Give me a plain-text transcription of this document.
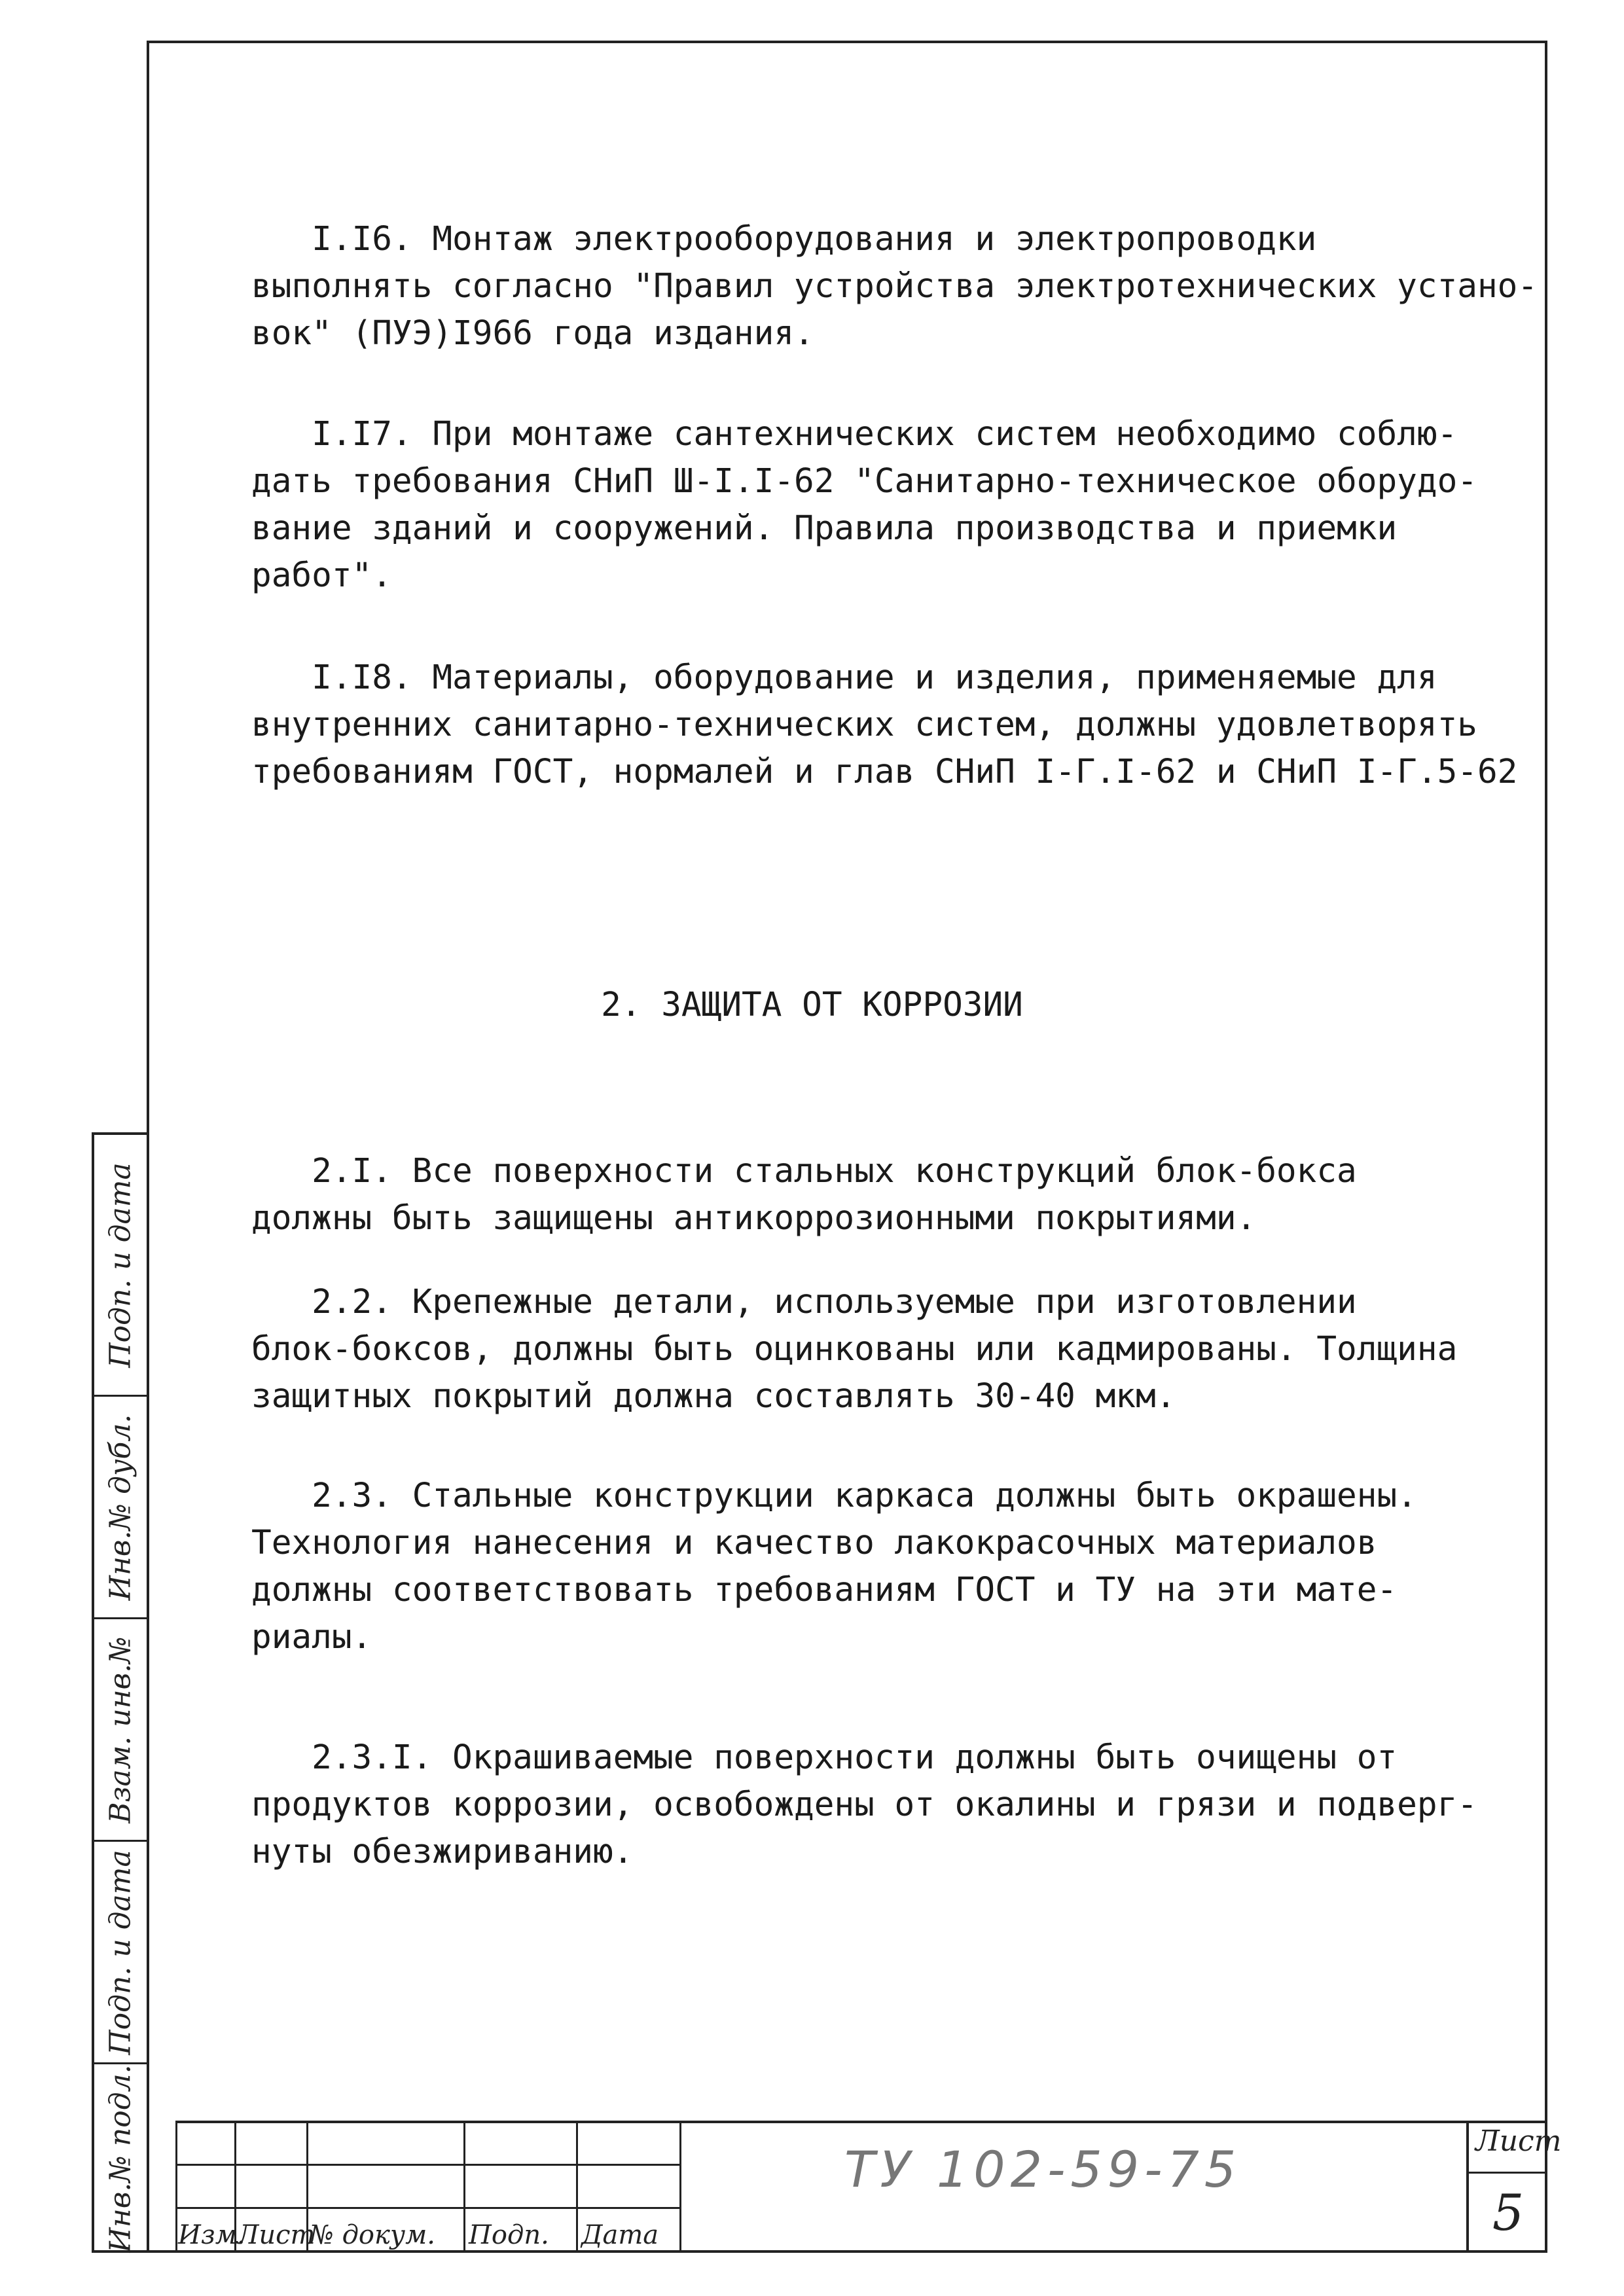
I.I6. Монтаж электрооборудования и электропроводки
выполнять согласно "Правил устройства электротехнических устано-
вок" (ПУЭ)I966 года издания.

I.I7. При монтаже сантехнических систем необходимо соблю-
дать требования СНиП Ш-I.I-62 "Санитарно-техническое оборудо-
вание зданий и сооружений. Правила производства и приемки
работ".

I.I8. Материалы, оборудование и изделия, применяемые для
внутренних санитарно-технических систем, должны удовлетворять
требованиям ГОСТ, нормалей и глав СНиП I-Г.I-62 и СНиП I-Г.5-62

2. ЗАЩИТА ОТ КОРРОЗИИ

2.I. Все поверхности стальных конструкций блок-бокса
должны быть защищены антикоррозионными покрытиями.

2.2. Крепежные детали, используемые при изготовлении
блок-боксов, должны быть оцинкованы или кадмированы. Толщина
защитных покрытий должна составлять 30-40 мкм.

2.3. Стальные конструкции каркаса должны быть окрашены.
Технология нанесения и качество лакокрасочных материалов
должны соответствовать требованиям ГОСТ и ТУ на эти мате-
риалы.

2.3.I. Окрашиваемые поверхности должны быть очищены от
продуктов коррозии, освобождены от окалины и грязи и подверг-
нуты обезжириванию.

Подп. и дата
Инв.№ дубл.
Взам. инв.№
Подп. и дата
Инв.№ подл. Изм.
Лист
№ докум. Подп. Дата
ТУ 102-59-75	Лист
5
